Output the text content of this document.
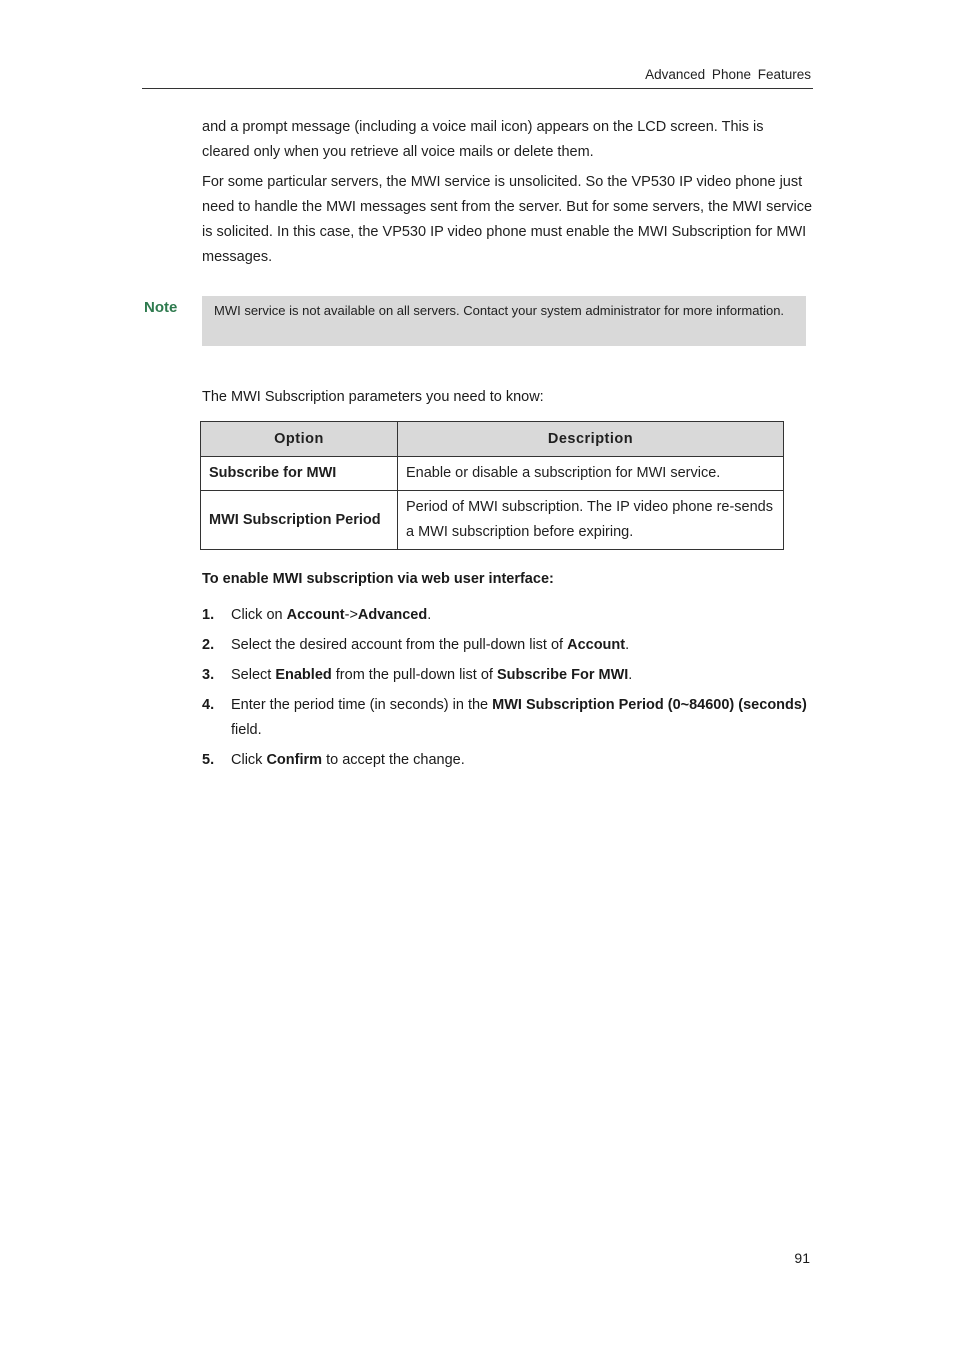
Advanced Phone Features
and a prompt message (including a voice mail icon) appears on the LCD screen. This is cleared only when you retrieve all voice mails or delete them.
For some particular servers, the MWI service is unsolicited. So the VP530 IP video phone just need to handle the MWI messages sent from the server. But for some servers, the MWI service is solicited. In this case, the VP530 IP video phone must enable the MWI Subscription for MWI messages.
Note	MWI service is not available on all servers. Contact your system administrator for more information.
The MWI Subscription parameters you need to know:
Option	Description
Subscribe for MWI	Enable or disable a subscription for MWI service.
MWI Subscription Period	Period of MWI subscription. The IP video phone re-sends a MWI subscription before expiring.
To enable MWI subscription via web user interface:
1. Click on Account->Advanced.
2. Select the desired account from the pull-down list of Account.
3. Select Enabled from the pull-down list of Subscribe For MWI.
4. Enter the period time (in seconds) in the MWI Subscription Period (0~84600) (seconds) field.
5. Click Confirm to accept the change.
91
